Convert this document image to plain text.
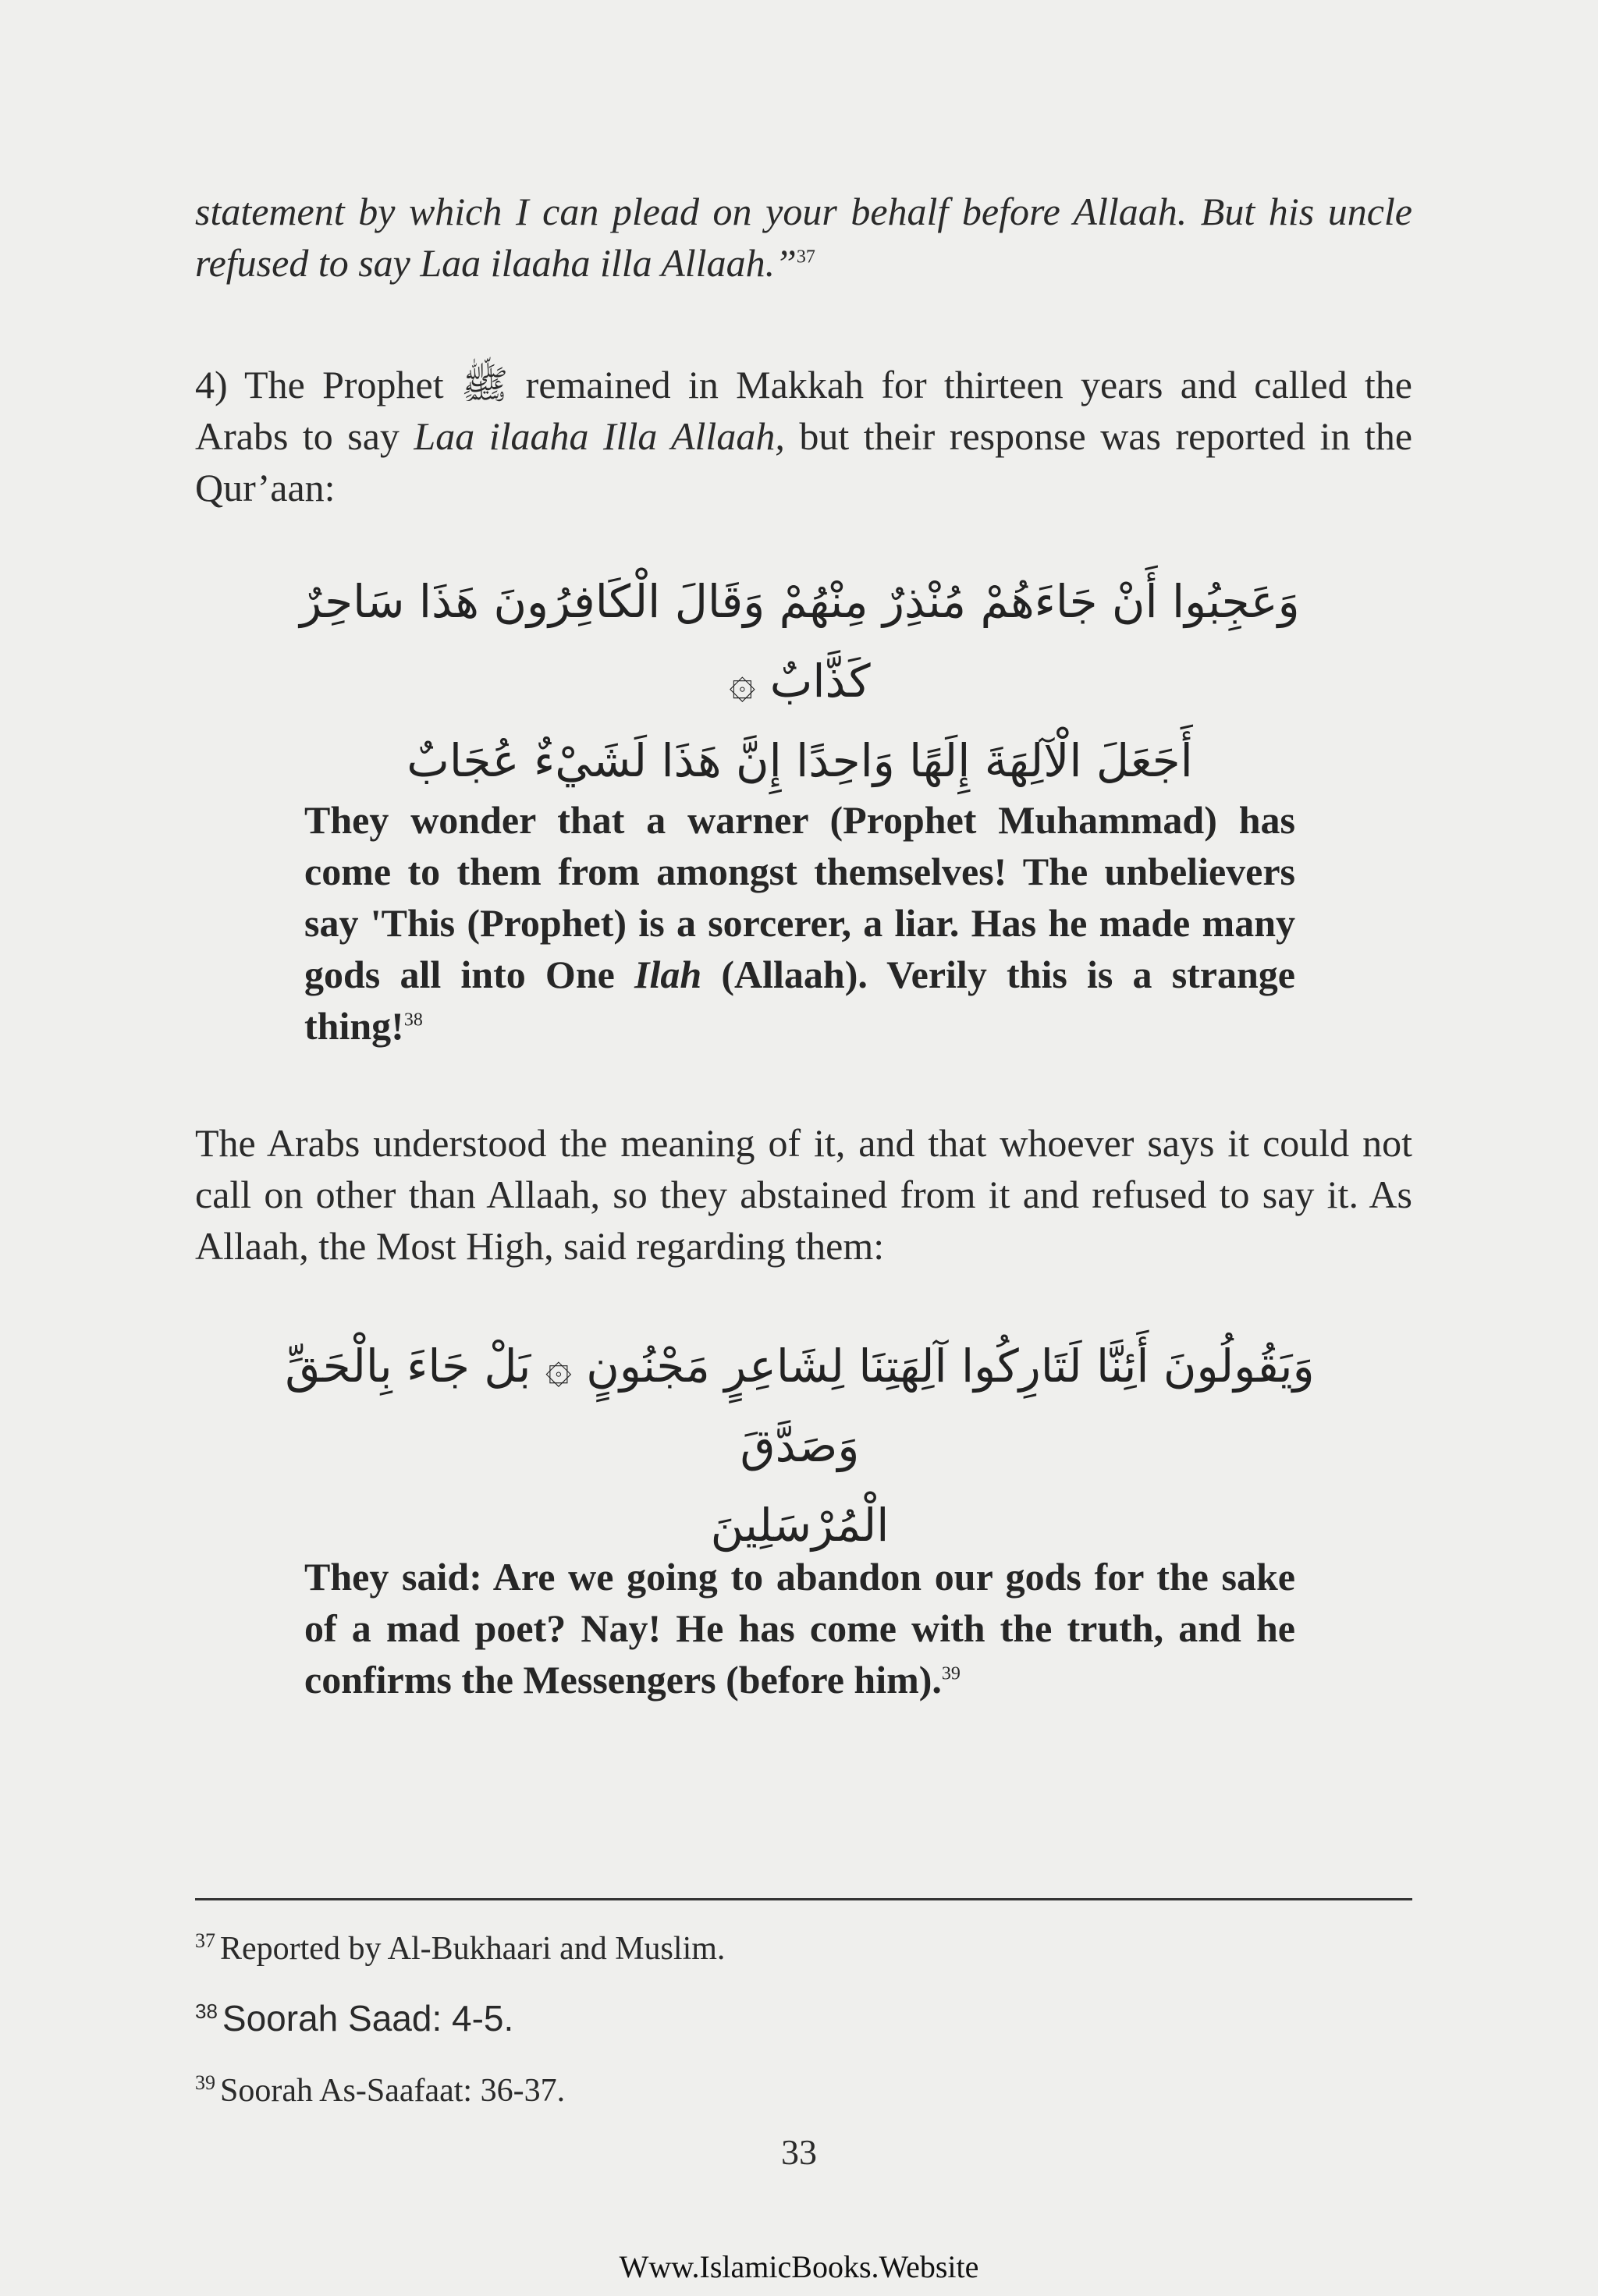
statement by which I can plead on your behalf before Allaah. But his uncle refused to say Laa ilaaha illa Allaah.”$^{37}$

4) The Prophet ﷺ remained in Makkah for thirteen years and called the Arabs to say Laa ilaaha Illa Allaah, but their response was reported in the Qur’aan:

وَعَجِبُوا أَنْ جَاءَهُمْ مُنْذِرٌ مِنْهُمْ وَقَالَ الْكَافِرُونَ هَذَا سَاحِرٌ كَذَّابٌ ۞
أَجَعَلَ الْآلِهَةَ إِلَهًا وَاحِدًا إِنَّ هَذَا لَشَيْءٌ عُجَابٌ

They wonder that a warner (Prophet Muhammad) has come to them from amongst themselves! The unbelievers say 'This (Prophet) is a sorcerer, a liar. Has he made many gods all into One Ilah (Allaah). Verily this is a strange thing!$^{38}$

The Arabs understood the meaning of it, and that whoever says it could not call on other than Allaah, so they abstained from it and refused to say it. As Allaah, the Most High, said regarding them:

وَيَقُولُونَ أَئِنَّا لَتَارِكُوا آلِهَتِنَا لِشَاعِرٍ مَجْنُونٍ ۞ بَلْ جَاءَ بِالْحَقِّ وَصَدَّقَ
الْمُرْسَلِينَ

They said: Are we going to abandon our gods for the sake of a mad poet? Nay! He has come with the truth, and he confirms the Messengers (before him).$^{39}$

$^{37}$ Reported by Al-Bukhaari and Muslim.

$^{38}$ Soorah Saad: 4-5.

$^{39}$ Soorah As-Saafaat: 36-37.

33

Www.IslamicBooks.Website
